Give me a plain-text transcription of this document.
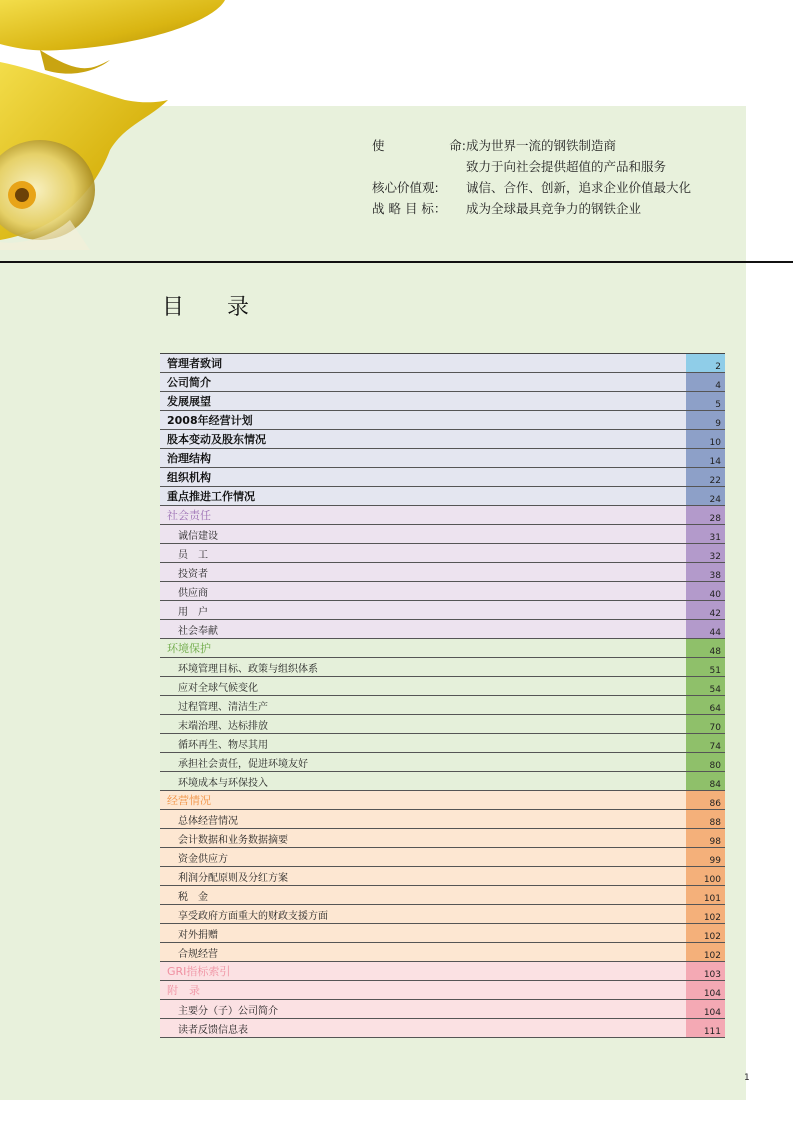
使	命: 成为世界一流的钢铁制造商
致力于向社会提供超值的产品和服务
核心价值观: 诚信、合作、创新，追求企业价值最大化
战 略 目 标： 成为全球最具竞争力的钢铁企业
目 录
管理者致词	2
公司简介	4
发展展望	5
2008年经营计划	9
股本变动及股东情况	10
治理结构	14
组织机构	22
重点推进工作情况	24
社会责任	28
诚信建设	31
员　工	32
投资者	38
供应商	40
用　户	42
社会奉献	44
环境保护	48
环境管理目标、政策与组织体系	51
应对全球气候变化	54
过程管理、清洁生产	64
末端治理、达标排放	70
循环再生、物尽其用	74
承担社会责任，促进环境友好	80
环境成本与环保投入	84
经营情况	86
总体经营情况	88
会计数据和业务数据摘要	98
资金供应方	99
利润分配原则及分红方案	100
税　金	101
享受政府方面重大的财政支援方面	102
对外捐赠	102
合规经营	102
GRI指标索引	103
附　录	104
主要分（子）公司简介	104
读者反馈信息表	111
1
